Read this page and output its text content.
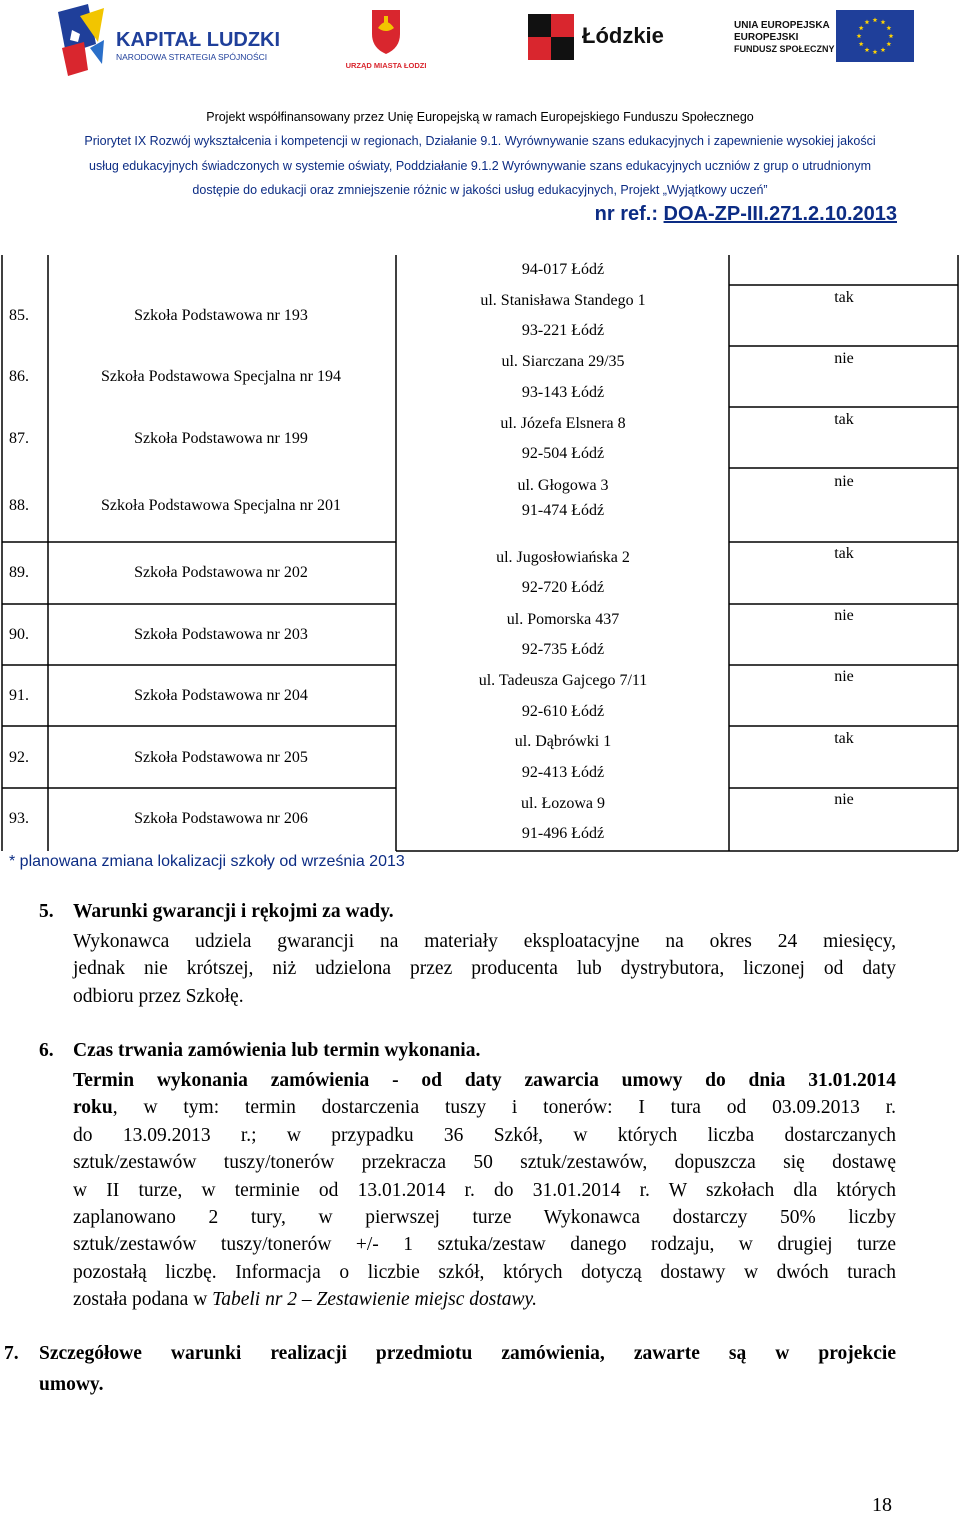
KAPITAŁ LUDZKI
NARODOWA STRATEGIA SPÓJNOŚCI
URZĄD MIASTA ŁODZI
Łódzkie	UNIA EUROPEJSKA
EUROPEJSKI
FUNDUSZ SPOŁECZNY
Projekt współfinansowany przez Unię Europejską w ramach Europejskiego Funduszu Społecznego
Priorytet IX Rozwój wykształcenia i kompetencji w regionach, Działanie 9.1. Wyrównywanie szans edukacyjnych i zapewnienie wysokiej jakości
usług edukacyjnych świadczonych w systemie oświaty, Poddziałanie 9.1.2 Wyrównywanie szans edukacyjnych uczniów z grup o utrudnionym
dostępie do edukacji oraz zmniejszenie różnic w jakości usług edukacyjnych, Projekt „Wyjątkowy uczeń”
nr ref.: DOA-ZP-III.271.2.10.2013
94-017 Łódź
85.	Szkoła Podstawowa nr 193
ul. Stanisława Standego 1
93-221 Łódź
tak
86.	Szkoła Podstawowa Specjalna nr 194
ul. Siarczana 29/35
93-143 Łódź
nie
87.	Szkoła Podstawowa nr 199
ul. Józefa Elsnera 8
92-504 Łódź
tak
88.	Szkoła Podstawowa Specjalna nr 201
ul. Głogowa 3
91-474 Łódź
nie
89.	Szkoła Podstawowa nr 202
ul. Jugosłowiańska 2
92-720 Łódź
tak
90.	Szkoła Podstawowa nr 203
ul. Pomorska 437
92-735 Łódź
nie
91.	Szkoła Podstawowa nr 204
ul. Tadeusza Gajcego 7/11
92-610 Łódź
nie
92.	Szkoła Podstawowa nr 205
ul. Dąbrówki 1
92-413 Łódź
tak
93.	Szkoła Podstawowa nr 206
ul. Łozowa 9
91-496 Łódź
nie
* planowana zmiana lokalizacji szkoły od września 2013
5. Warunki gwarancji i rękojmi za wady.
Wykonawca udziela gwarancji na materiały eksploatacyjne na okres 24 miesięcy,
jednak nie krótszej, niż udzielona przez producenta lub dystrybutora, liczonej od daty
odbioru przez Szkołę.
6. Czas trwania zamówienia lub termin wykonania.
Termin wykonania zamówienia - od daty zawarcia umowy do dnia 31.01.2014
roku, w tym: termin dostarczenia tuszy i tonerów: I tura od 03.09.2013 r.
do 13.09.2013 r.; w przypadku 36 Szkół, w których liczba dostarczanych
sztuk/zestawów tuszy/tonerów przekracza 50 sztuk/zestawów, dopuszcza się dostawę
w II turze, w terminie od 13.01.2014 r. do 31.01.2014 r. W szkołach dla których
zaplanowano 2 tury, w pierwszej turze Wykonawca dostarczy 50% liczby
sztuk/zestawów tuszy/tonerów +/- 1 sztuka/zestaw danego rodzaju, w drugiej turze
pozostałą liczbę. Informacja o liczbie szkół, których dotyczą dostawy w dwóch turach
została podana w Tabeli nr 2 – Zestawienie miejsc dostawy.
7. Szczegółowe warunki realizacji przedmiotu zamówienia, zawarte są w projekcie
umowy.
18
